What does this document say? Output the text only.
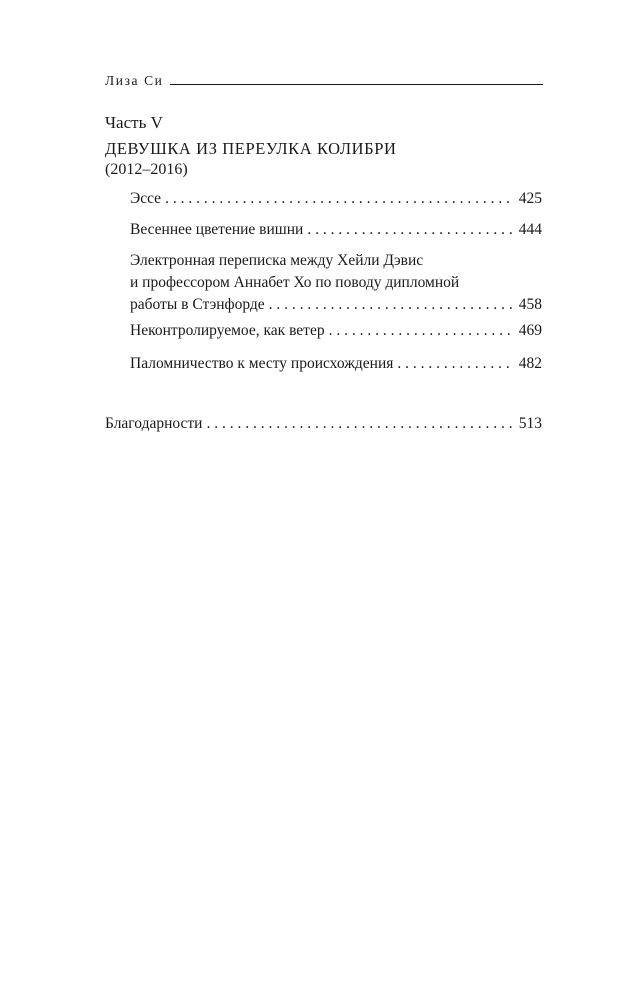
Лиза Си
Часть V
ДЕВУШКА ИЗ ПЕРЕУЛКА КОЛИБРИ
(2012–2016)
Эссе . . .	425
Весеннее цветение вишни . . .	444
Электронная переписка между Хейли Дэвис
и профессором Аннабет Хо по поводу дипломной
работы в Стэнфорде . . .	458
Неконтролируемое, как ветер . . .	469
Паломничество к месту происхождения . . .	482
Благодарности . . .	513
